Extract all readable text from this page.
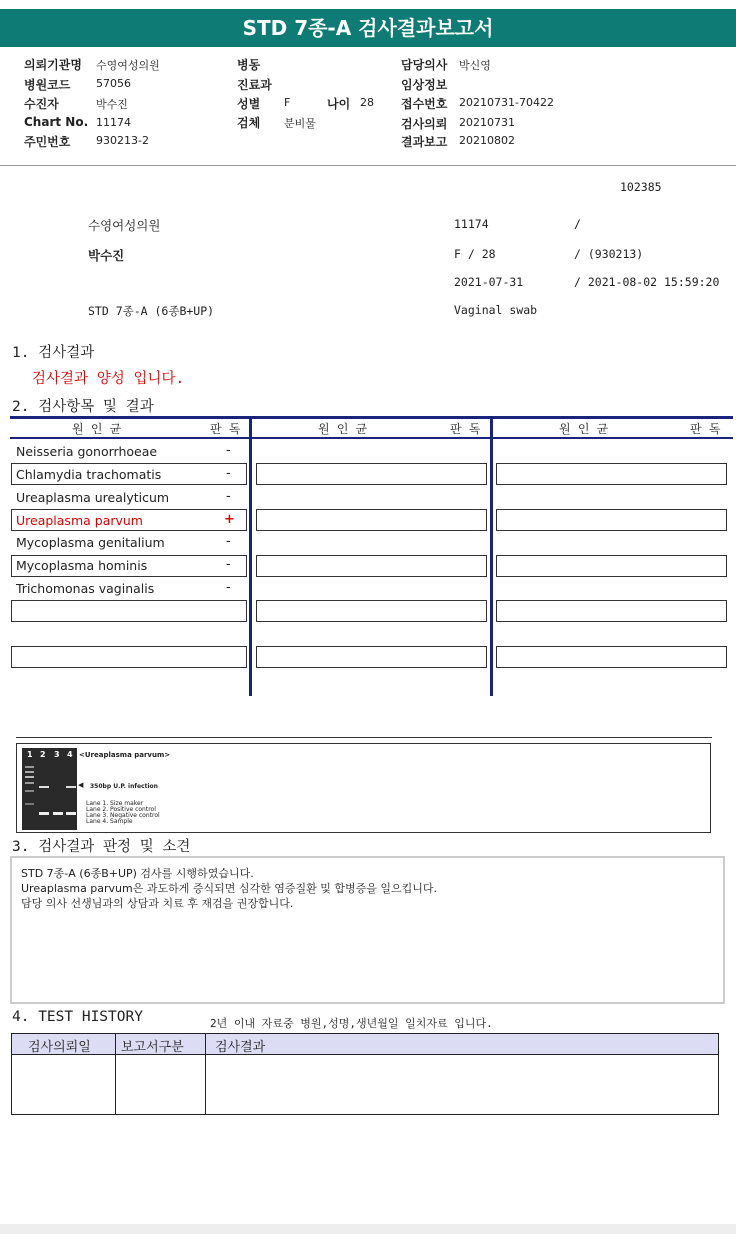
STD 7종-A 검사결과보고서
의뢰기관명 수영여성의원
병원코드 57056
수진자	박수진
Chart No. 11174
주민번호 930213-2
병동
진료과
성별 F	나이 28
검체 분비물
담당의사 박신영
임상정보
접수번호 20210731-70422
검사의뢰 20210731
결과보고 20210802
102385
수영여성의원	11174	/
박수진	F / 28	/ (930213)
2021-07-31	/ 2021-08-02 15:59:20
STD 7종-A (6종B+UP)	Vaginal swab
1. 검사결과
검사결과 양성 입니다.
2. 검사항목 및 결과
원 인 균	판 독	원 인 균	판 독	원 인 균	판 독
Neisseria gonorrhoeae	-
Chlamydia trachomatis	-
Ureaplasma urealyticum	-
Ureaplasma parvum	+
Mycoplasma genitalium	-
Mycoplasma hominis	-
Trichomonas vaginalis	-
1 2 3 4 <Ureaplasma parvum>
◀ 350bp U.P. infection
Lane 1. Size maker
Lane 2. Positive control
Lane 3. Negative control
Lane 4. Sample
3. 검사결과 판정 및 소견
STD 7종-A (6종B+UP) 검사를 시행하였습니다.
Ureaplasma parvum은 과도하게 증식되면 심각한 염증질환 및 합병증을 일으킵니다.
담당 의사 선생님과의 상담과 치료 후 재검을 권장합니다.
4. TEST HISTORY	2년 이내 자료중 병원,성명,생년월일 일치자료 입니다.
검사의뢰일 보고서구분 검사결과
